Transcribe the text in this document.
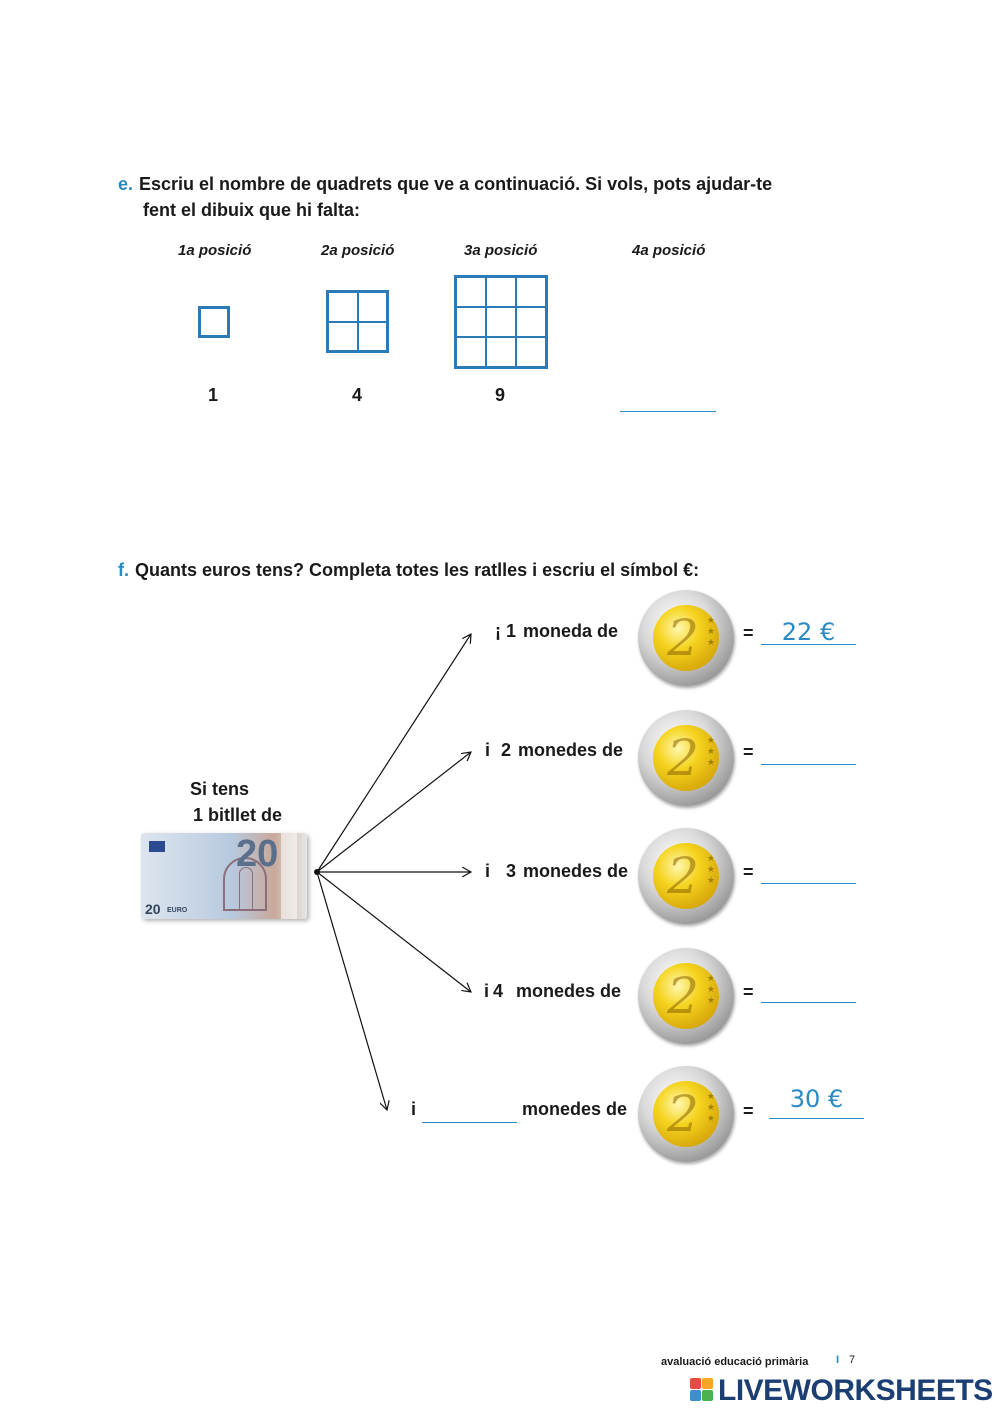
e. Escriu el nombre de quadrets que ve a continuació. Si vols, pots ajudar-te
fent el dibuix que hi falta:
1a posició	2a posició	3a posició	4a posició
1	4	9
f. Quants euros tens? Completa totes les ratlles i escriu el símbol €:
Si tens
1 bitllet de
20
20 EURO
¡ 1 moneda de 2 ★
★
★ =	22 €
i 2 monedes de 2 ★
★
★ =
i 3 monedes de 2 ★
★
★ =
i 4 monedes de 2 ★
★
★ =
i	monedes de 2 ★
★
★ =	30 €
avaluació educació primària	I 7
LIVEWORKSHEETS
